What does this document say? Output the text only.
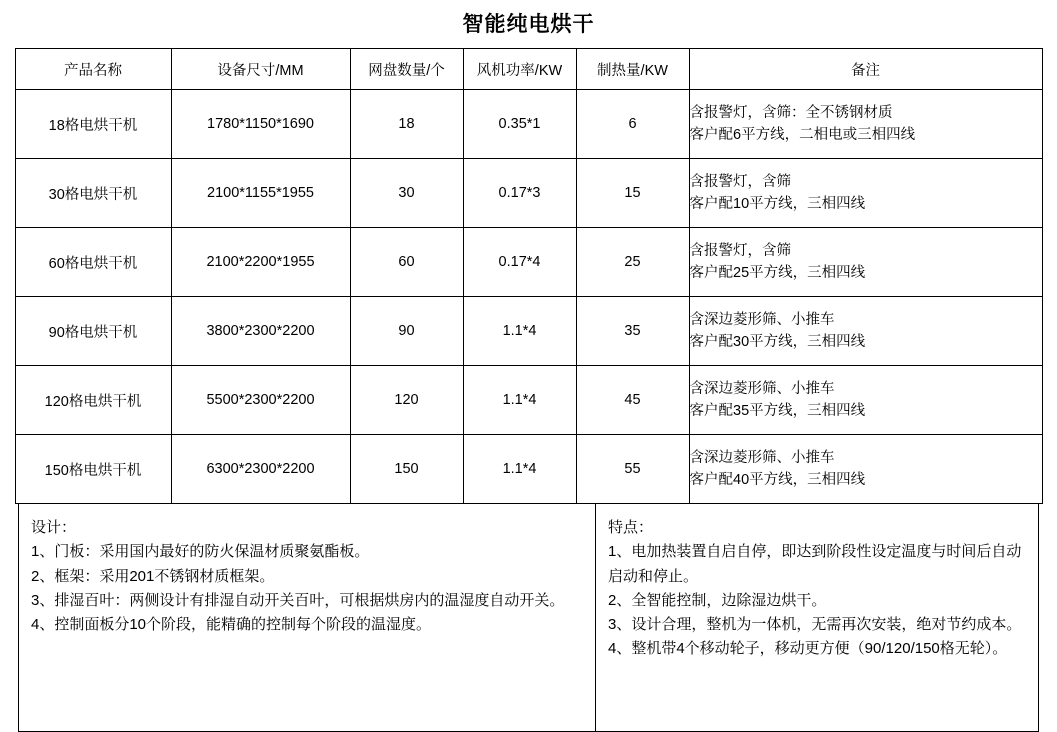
智能纯电烘干
产品名称	设备尺寸/MM	网盘数量/个	风机功率/KW	制热量/KW	备注
18格电烘干机	1780*1150*1690	18	0.35*1	6	含报警灯，含筛：全不锈钢材质
客户配6平方线，二相电或三相四线

30格电烘干机	2100*1155*1955	30	0.17*3	15	含报警灯，含筛
客户配10平方线，三相四线

60格电烘干机	2100*2200*1955	60	0.17*4	25	含报警灯，含筛
客户配25平方线，三相四线

90格电烘干机	3800*2300*2200	90	1.1*4	35	含深边菱形筛、小推车
客户配30平方线，三相四线

120格电烘干机	5500*2300*2200	120	1.1*4	45	含深边菱形筛、小推车
客户配35平方线，三相四线

150格电烘干机	6300*2300*2200	150	1.1*4	55	含深边菱形筛、小推车
客户配40平方线，三相四线

设计：

1、门板：采用国内最好的防火保温材质聚氨酯板。

2、框架：采用201不锈钢材质框架。

3、排湿百叶：两侧设计有排湿自动开关百叶，可根据烘房内的温湿度自动开关。

4、控制面板分10个阶段，能精确的控制每个阶段的温湿度。

特点：

1、电加热装置自启自停，即达到阶段性设定温度与时间后自动启动和停止。

2、全智能控制，边除湿边烘干。

3、设计合理，整机为一体机，无需再次安装，绝对节约成本。

4、整机带4个移动轮子，移动更方便（90/120/150格无轮）。
